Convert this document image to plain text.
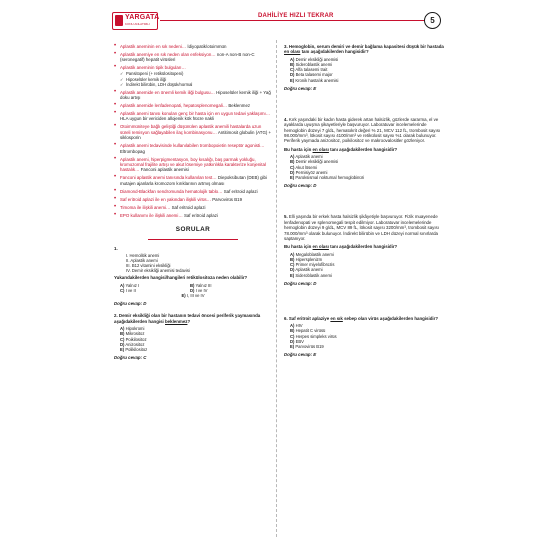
YARGATA
KONU ANLATIMLI
DAHİLİYE HIZLI TEKRAR	5
• Aplastik aneminin en sık nedeni… İdiyopatik/otoimmün
• Aplastik anemiye en sık neden olan enfeksiyon… non-A non-B non-C (seronegatif) hepatit virüsleri
• Aplastik aneminin tipik bulguları…
✓ Pansitopeni (+ retikülositopeni)
✓ Hiposelüler kemik iliği
✓ İndirekt bilirübin, LDH düşük/normal
• Aplastik anemide en önemli kemik iliği bulgusu… Hiposelüler kemik iliği + Yağ doku artışı
• Aplastik anemide lenfadenopati, hepatosplenomegali… Beklenmez
• Aplastik anemi tanısı konulan genç bir hasta için en uygun tedavi yaklaşımı… HLA uygun bir vericiden allojenik kök hücre nakli
• Otoimmüniteye bağlı geliştiği düşünülen aplastik anemili hastalarda uzun süreli remisyon sağlayabilen ilaç kombinasyonu… Antitimosit globulin (ATG) + siklosporin
• Aplastik anemi tedavisinde kullanılabilen trombopoietin reseptör agonisti… Eltrombopag
• Aplastik anemi, hiperpigmentasyon, boy kısalığı, baş parmak yokluğu, kromozomal frajilite artışı ve akut lösemiye yatkınlıkla karakterize konjenital hastalık… Fanconi aplastik anemisi
• Fanconi aplastik anemi tanısında kullanılan test… Diepoksibutan (DEB) gibi mutajen ajanlarla kromozom kırıklarının artmış olması
• Diamond-Blackfan sendromunda hematolojik tablo… Saf eritroid aplazi
• Saf eritroid aplazi ile en yakından ilişkili virüs… Parvovirüs B19
• Timoma ile ilişkili anemi… Saf eritroid aplazi
• EPO kullanımı ile ilişkili anemi… Saf eritroid aplazi
SORULAR
1.
I. Hemolitik anemi
II. Aplastik anemi
III. B12 vitamini eksikliği
IV. Demir eksikliği anemisi tedavisi
Yukarıdakilerden hangisi/hangileri retikülositoza neden olabilir?
A) Yalnız I	B) Yalnız III
C) I ve II	D) I ve IV
E) I, III ve IV
Doğru cevap: D
2. Demir eksikliği olan bir hastanın tedavi öncesi periferik yaymasında aşağıdakilerden hangisi beklenmez?
A) Hipokromi
B) Mikrositoz
C) Poikilositoz
D) Anizositoz
E) Polikilositoz
Doğru cevap: C
3. Hemoglobin, serum demiri ve demir bağlama kapasitesi düşük bir hastada en olası tanı aşağıdakilerden hangisidir?
A) Demir eksikliği anemisi
B) Sideroblastik anemi
C) Alfa talasemi trait
D) Beta talasemi major
E) Kronik hastalık anemisi
Doğru cevap: E
4. Kırk yaşındaki bir kadın hasta giderek artan halsizlik, gözlerde sararma, el ve ayaklarda uyuşma şikayetleriyle başvuruyor. Laboratuvar incelemelerinde hemoglobin düzeyi 7 g/dL, hematokrit değeri % 21, MCV 112 fL, trombosit sayısı 98.000/mm³, lökosit sayısı 4100/mm³ ve retikülosit sayısı %1 olarak bulunuyor. Periferik yaymada anizositoz, poikilositoz ve makroovalositler gözleniyor.
Bu hasta için en olası tanı aşağıdakilerden hangisidir?
A) Aplastik anemi
B) Demir eksikliği anemisi
C) Akut lösemi
D) Pernisiyöz anemi
E) Paroksismal nokturnal hemoglobinüri
Doğru cevap: D
5. Elli yaşında bir erkek hasta halsizlik şikâyetiyle başvuruyor. Fizik muayenede lenfadenopati ve splenomegali tespit edilmiyor. Laboratuvar incelemelerinde hemoglobin düzeyi 9 g/dL, MCV 89 fL, lökosit sayısı 3200/mm³, trombosit sayısı 78.000/mm³ olarak bulunuyor. İndirekt bilirübin ve LDH düzeyi normal sınırlarda saptanıyor.
Bu hasta için en olası tanı aşağıdakilerden hangisidir?
A) Megaloblastik anemi
B) Hipersplenizm
C) Primer miyelofibrozis
D) Aplastik anemi
E) Sideroblastik anemi
Doğru cevap: D
6. Saf eritroit aplaziye en sık sebep olan virüs aşağıdakilerden hangisidir?
A) HIV
B) Hepatit C virüsü
C) Herpes simpleks virüs
D) EBV
E) Parvovirüs B19
Doğru cevap: E
